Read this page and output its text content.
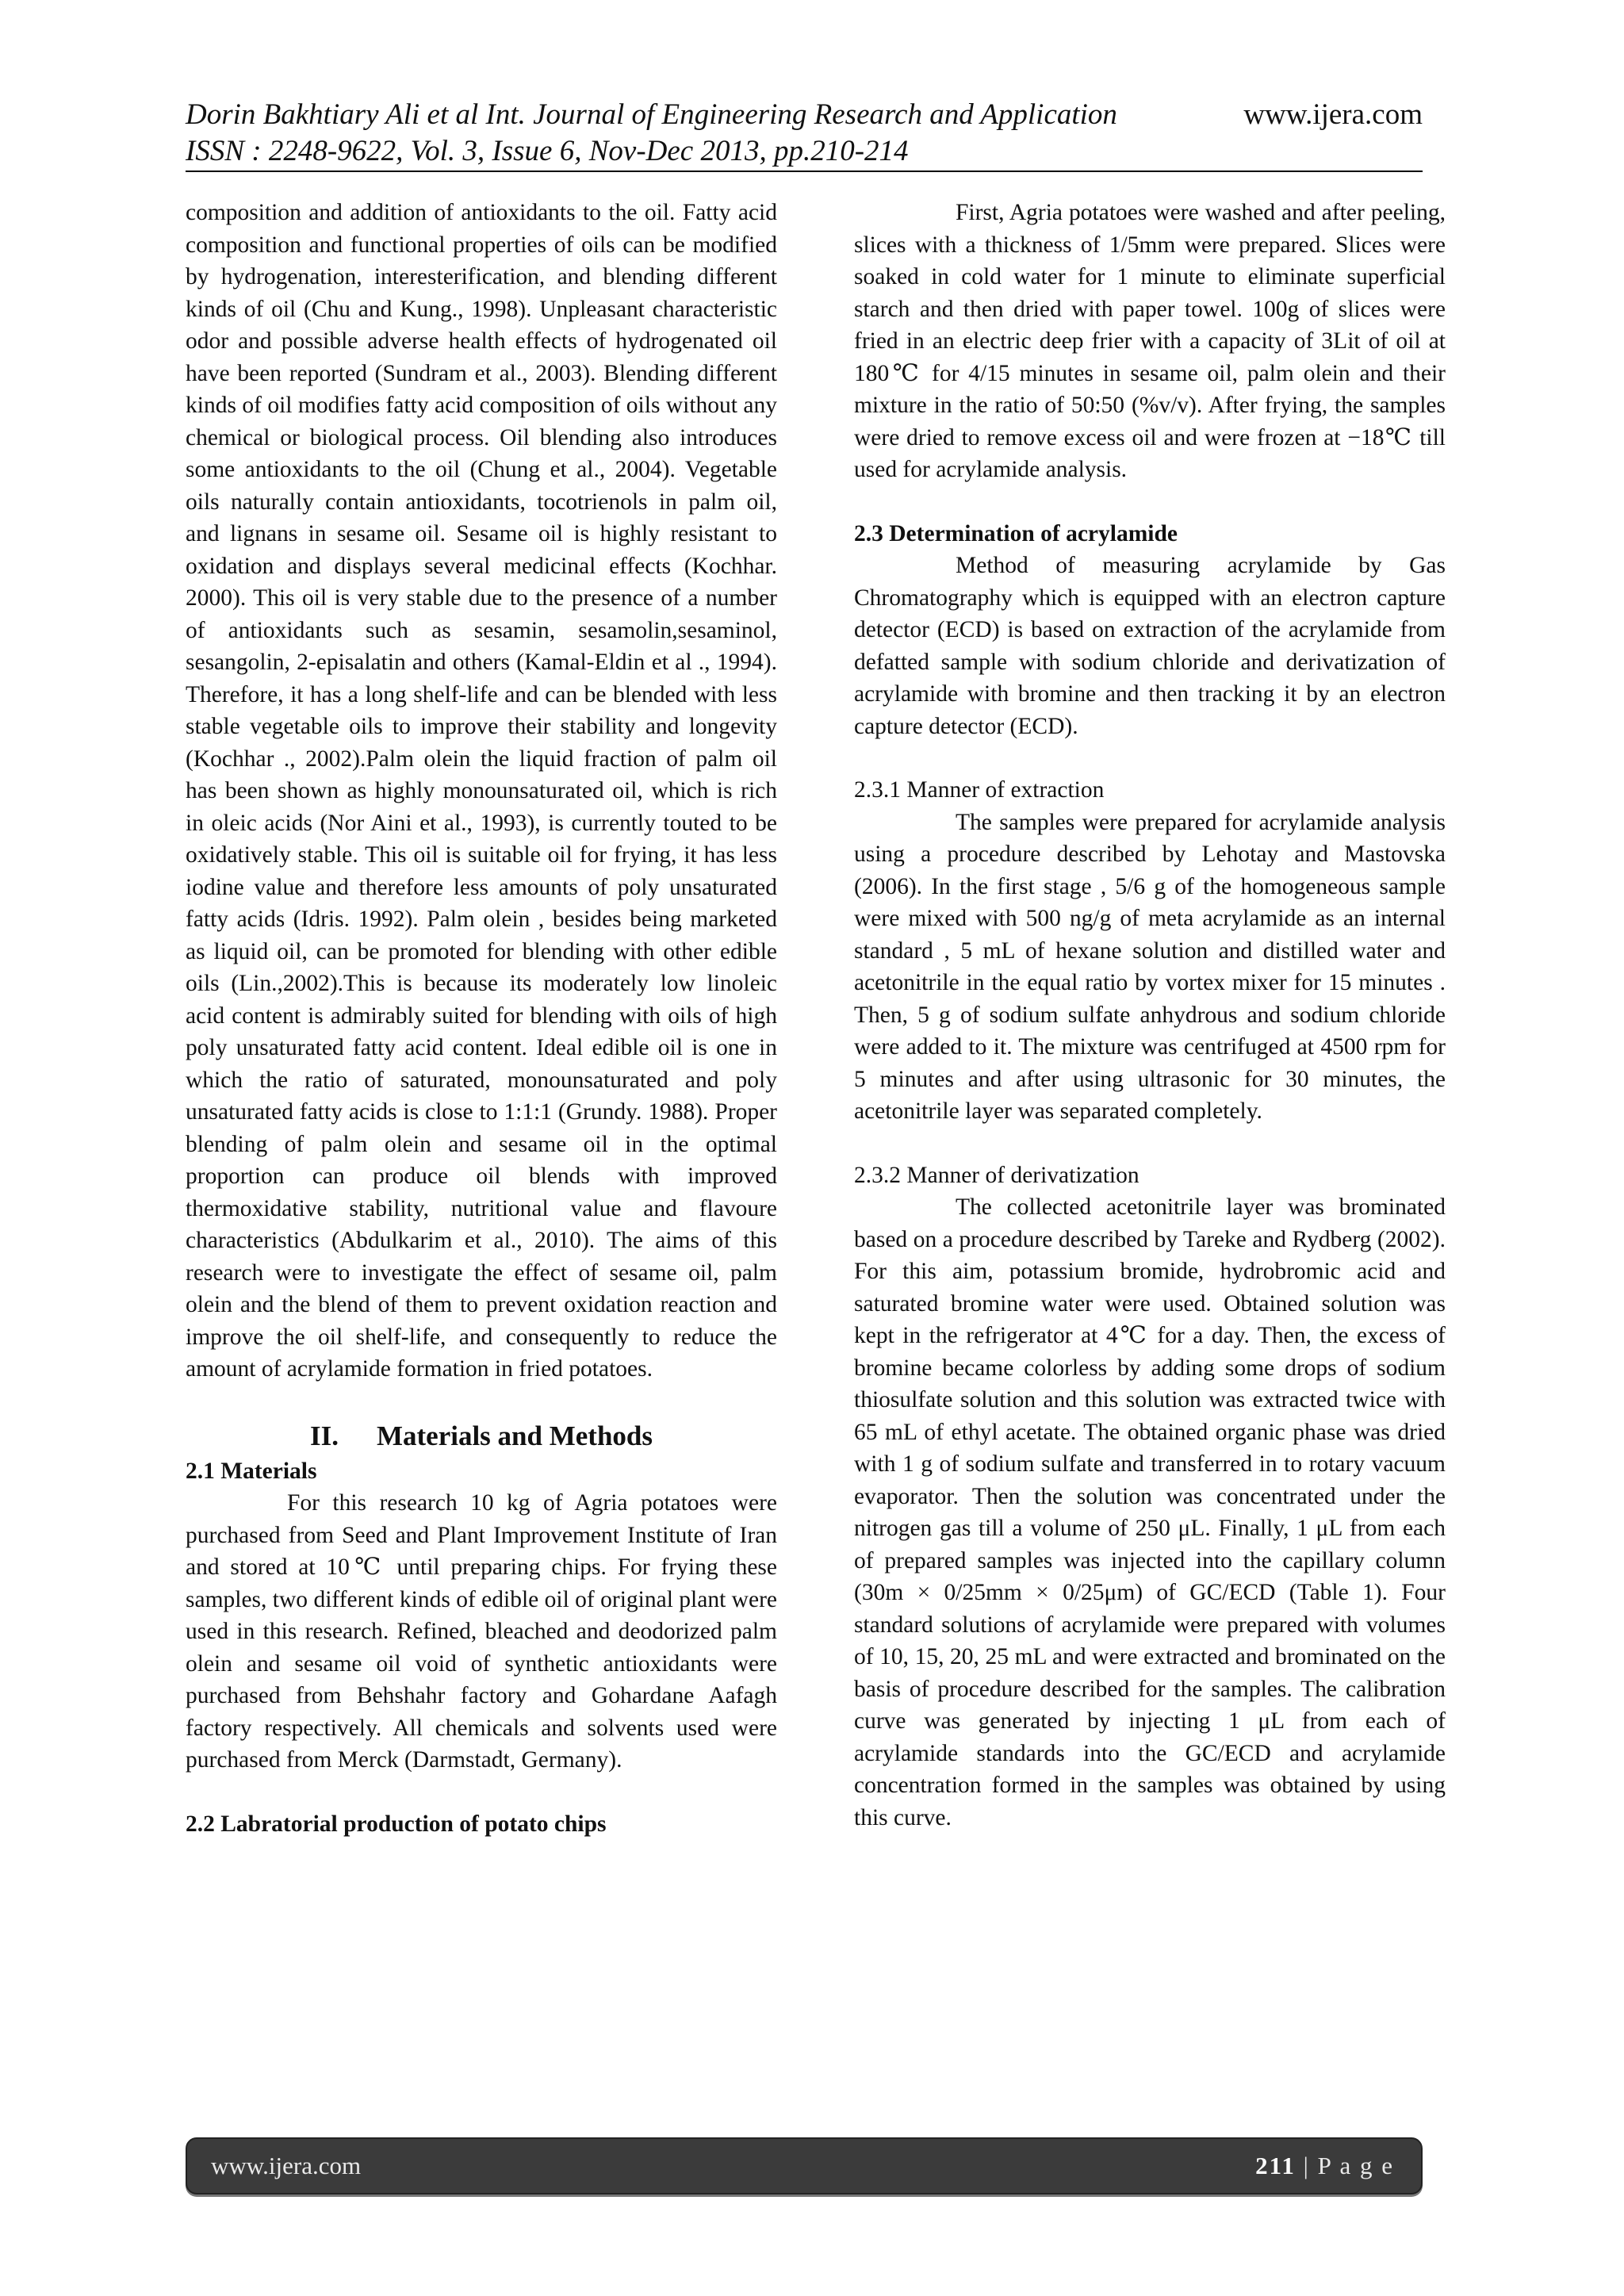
Dorin Bakhtiary Ali et al Int. Journal of Engineering Research and Application
ISSN : 2248-9622, Vol. 3, Issue 6, Nov-Dec 2013, pp.210-214
www.ijera.com

composition and addition of antioxidants to the oil. Fatty acid composition and functional properties of oils can be modified by hydrogenation, interesterification, and blending different kinds of oil (Chu and Kung., 1998). Unpleasant characteristic odor and possible adverse health effects of hydrogenated oil have been reported (Sundram et al., 2003). Blending different kinds of oil modifies fatty acid composition of oils without any chemical or biological process. Oil blending also introduces some antioxidants to the oil (Chung et al., 2004). Vegetable oils naturally contain antioxidants, tocotrienols in palm oil, and lignans in sesame oil. Sesame oil is highly resistant to oxidation and displays several medicinal effects (Kochhar. 2000). This oil is very stable due to the presence of a number of antioxidants such as sesamin, sesamolin,sesaminol, sesangolin, 2-episalatin and others (Kamal-Eldin et al ., 1994). Therefore, it has a long shelf-life and can be blended with less stable vegetable oils to improve their stability and longevity (Kochhar ., 2002).Palm olein the liquid fraction of palm oil has been shown as highly monounsaturated oil, which is rich in oleic acids (Nor Aini et al., 1993), is currently touted to be oxidatively stable. This oil is suitable oil for frying, it has less iodine value and therefore less amounts of poly unsaturated fatty acids (Idris. 1992). Palm olein , besides being marketed as liquid oil, can be promoted for blending with other edible oils (Lin.,2002).This is because its moderately low linoleic acid content is admirably suited for blending with oils of high poly unsaturated fatty acid content. Ideal edible oil is one in which the ratio of saturated, monounsaturated and poly unsaturated fatty acids is close to 1:1:1 (Grundy. 1988). Proper blending of palm olein and sesame oil in the optimal proportion can produce oil blends with improved thermoxidative stability, nutritional value and flavoure characteristics (Abdulkarim et al., 2010). The aims of this research were to investigate the effect of sesame oil, palm olein and the blend of them to prevent oxidation reaction and improve the oil shelf-life, and consequently to reduce the amount of acrylamide formation in fried potatoes.

II. Materials and Methods

2.1 Materials

For this research 10 kg of Agria potatoes were purchased from Seed and Plant Improvement Institute of Iran and stored at 10℃ until preparing chips. For frying these samples, two different kinds of edible oil of original plant were used in this research. Refined, bleached and deodorized palm olein and sesame oil void of synthetic antioxidants were purchased from Behshahr factory and Gohardane Aafagh factory respectively. All chemicals and solvents used were purchased from Merck (Darmstadt, Germany).

2.2 Labratorial production of potato chips

First, Agria potatoes were washed and after peeling, slices with a thickness of 1/5mm were prepared. Slices were soaked in cold water for 1 minute to eliminate superficial starch and then dried with paper towel. 100g of slices were fried in an electric deep frier with a capacity of 3Lit of oil at 180℃ for 4/15 minutes in sesame oil, palm olein and their mixture in the ratio of 50:50 (%v/v). After frying, the samples were dried to remove excess oil and were frozen at −18℃ till used for acrylamide analysis.

2.3 Determination of acrylamide

Method of measuring acrylamide by Gas Chromatography which is equipped with an electron capture detector (ECD) is based on extraction of the acrylamide from defatted sample with sodium chloride and derivatization of acrylamide with bromine and then tracking it by an electron capture detector (ECD).

2.3.1 Manner of extraction

The samples were prepared for acrylamide analysis using a procedure described by Lehotay and Mastovska (2006). In the first stage , 5/6 g of the homogeneous sample were mixed with 500 ng/g of meta acrylamide as an internal standard , 5 mL of hexane solution and distilled water and acetonitrile in the equal ratio by vortex mixer for 15 minutes . Then, 5 g of sodium sulfate anhydrous and sodium chloride were added to it. The mixture was centrifuged at 4500 rpm for 5 minutes and after using ultrasonic for 30 minutes, the acetonitrile layer was separated completely.

2.3.2 Manner of derivatization

The collected acetonitrile layer was brominated based on a procedure described by Tareke and Rydberg (2002). For this aim, potassium bromide, hydrobromic acid and saturated bromine water were used. Obtained solution was kept in the refrigerator at 4℃ for a day. Then, the excess of bromine became colorless by adding some drops of sodium thiosulfate solution and this solution was extracted twice with 65 mL of ethyl acetate. The obtained organic phase was dried with 1 g of sodium sulfate and transferred in to rotary vacuum evaporator. Then the solution was concentrated under the nitrogen gas till a volume of 250 μL. Finally, 1 μL from each of prepared samples was injected into the capillary column (30m × 0/25mm × 0/25μm) of GC/ECD (Table 1). Four standard solutions of acrylamide were prepared with volumes of 10, 15, 20, 25 mL and were extracted and brominated on the basis of procedure described for the samples. The calibration curve was generated by injecting 1 μL from each of acrylamide standards into the GC/ECD and acrylamide concentration formed in the samples was obtained by using this curve.

www.ijera.com	211 | P a g e
